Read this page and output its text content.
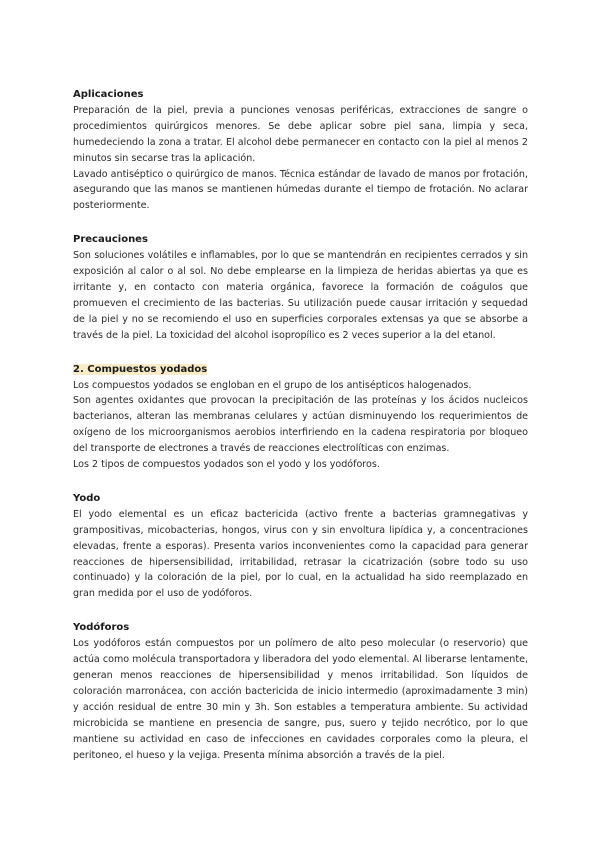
Aplicaciones

Preparación de la piel, previa a punciones venosas periféricas, extracciones de sangre o procedimientos quirúrgicos menores. Se debe aplicar sobre piel sana, limpia y seca, humedeciendo la zona a tratar. El alcohol debe permanecer en contacto con la piel al menos 2 minutos sin secarse tras la aplicación.

Lavado antiséptico o quirúrgico de manos. Técnica estándar de lavado de manos por frotación, asegurando que las manos se mantienen húmedas durante el tiempo de frotación. No aclarar posteriormente.

Precauciones

Son soluciones volátiles e inflamables, por lo que se mantendrán en recipientes cerrados y sin exposición al calor o al sol. No debe emplearse en la limpieza de heridas abiertas ya que es irritante y, en contacto con materia orgánica, favorece la formación de coágulos que promueven el crecimiento de las bacterias. Su utilización puede causar irritación y sequedad de la piel y no se recomiendo el uso en superficies corporales extensas ya que se absorbe a través de la piel. La toxicidad del alcohol isopropílico es 2 veces superior a la del etanol.

2. Compuestos yodados

Los compuestos yodados se engloban en el grupo de los antisépticos halogenados.

Son agentes oxidantes que provocan la precipitación de las proteínas y los ácidos nucleicos bacterianos, alteran las membranas celulares y actúan disminuyendo los requerimientos de oxígeno de los microorganismos aerobios interfiriendo en la cadena respiratoria por bloqueo del transporte de electrones a través de reacciones electrolíticas con enzimas.

Los 2 tipos de compuestos yodados son el yodo y los yodóforos.

Yodo

El yodo elemental es un eficaz bactericida (activo frente a bacterias gramnegativas y grampositivas, micobacterias, hongos, virus con y sin envoltura lipídica y, a concentraciones elevadas, frente a esporas). Presenta varios inconvenientes como la capacidad para generar reacciones de hipersensibilidad, irritabilidad, retrasar la cicatrización (sobre todo su uso continuado) y la coloración de la piel, por lo cual, en la actualidad ha sido reemplazado en gran medida por el uso de yodóforos.

Yodóforos

Los yodóforos están compuestos por un polímero de alto peso molecular (o reservorio) que actúa como molécula transportadora y liberadora del yodo elemental. Al liberarse lentamente, generan menos reacciones de hipersensibilidad y menos irritabilidad. Son líquidos de coloración marronácea, con acción bactericida de inicio intermedio (aproximadamente 3 min) y acción residual de entre 30 min y 3h. Son estables a temperatura ambiente. Su actividad microbicida se mantiene en presencia de sangre, pus, suero y tejido necrótico, por lo que mantiene su actividad en caso de infecciones en cavidades corporales como la pleura, el peritoneo, el hueso y la vejiga. Presenta mínima absorción a través de la piel.
